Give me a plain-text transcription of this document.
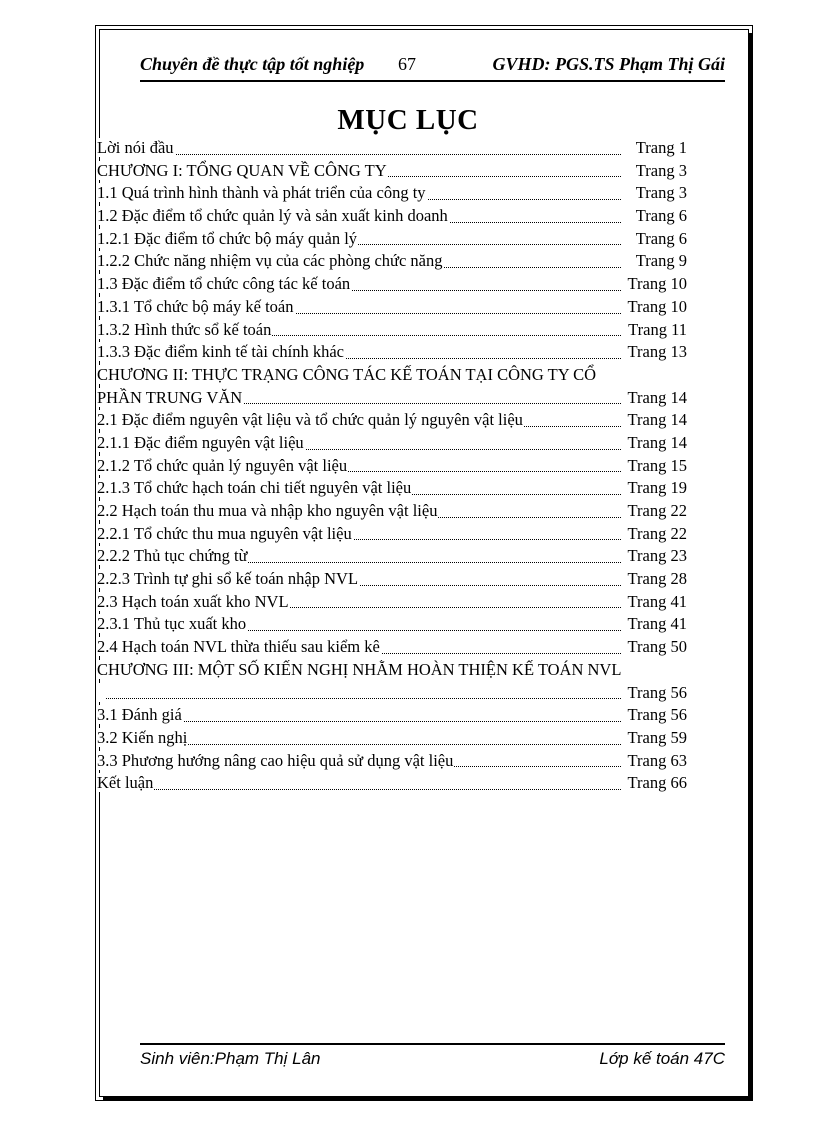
Chuyên đề thực tập tốt nghiệp 67	GVHD: PGS.TS Phạm Thị Gái
MỤC LỤC
Lời nói đầu	Trang 1
CHƯƠNG I: TỔNG QUAN VỀ CÔNG TY	Trang 3
1.1 Quá trình hình thành và phát triển của công ty	Trang 3
1.2 Đặc điểm tổ chức quản lý và sản xuất kinh doanh	Trang 6
1.2.1 Đặc điểm tổ chức bộ máy quản lý	Trang 6
1.2.2 Chức năng nhiệm vụ của các phòng chức năng	Trang 9
1.3 Đặc điểm tổ chức công tác kế toán	Trang 10
1.3.1 Tổ chức bộ máy kế toán	Trang 10
1.3.2 Hình thức sổ kế toán	Trang 11
1.3.3 Đặc điểm kinh tế tài chính khác	Trang 13
CHƯƠNG II: THỰC TRẠNG CÔNG TÁC KẾ TOÁN TẠI CÔNG TY CỔ
PHẦN TRUNG VĂN	Trang 14
2.1 Đặc điểm nguyên vật liệu và tổ chức quản lý nguyên vật liệu	Trang 14
2.1.1 Đặc điểm nguyên vật liệu	Trang 14
2.1.2 Tổ chức quản lý nguyên vật liệu	Trang 15
2.1.3 Tổ chức hạch toán chi tiết nguyên vật liệu	Trang 19
2.2 Hạch toán thu mua và nhập kho nguyên vật liệu	Trang 22
2.2.1 Tổ chức thu mua nguyên vật liệu	Trang 22
2.2.2 Thủ tục chứng từ	Trang 23
2.2.3 Trình tự ghi sổ kế toán nhập NVL	Trang 28
2.3 Hạch toán xuất kho NVL	Trang 41
2.3.1 Thủ tục xuất kho	Trang 41
2.4 Hạch toán NVL thừa thiếu sau kiểm kê	Trang 50
CHƯƠNG III: MỘT SỐ KIẾN NGHỊ NHẰM HOÀN THIỆN KẾ TOÁN NVL
Trang 56
3.1 Đánh giá	Trang 56
3.2 Kiến nghị	Trang 59
3.3 Phương hướng nâng cao hiệu quả sử dụng vật liệu	Trang 63
Kết luận	Trang 66
Sinh viên:Phạm Thị Lân	Lớp kế toán 47C
